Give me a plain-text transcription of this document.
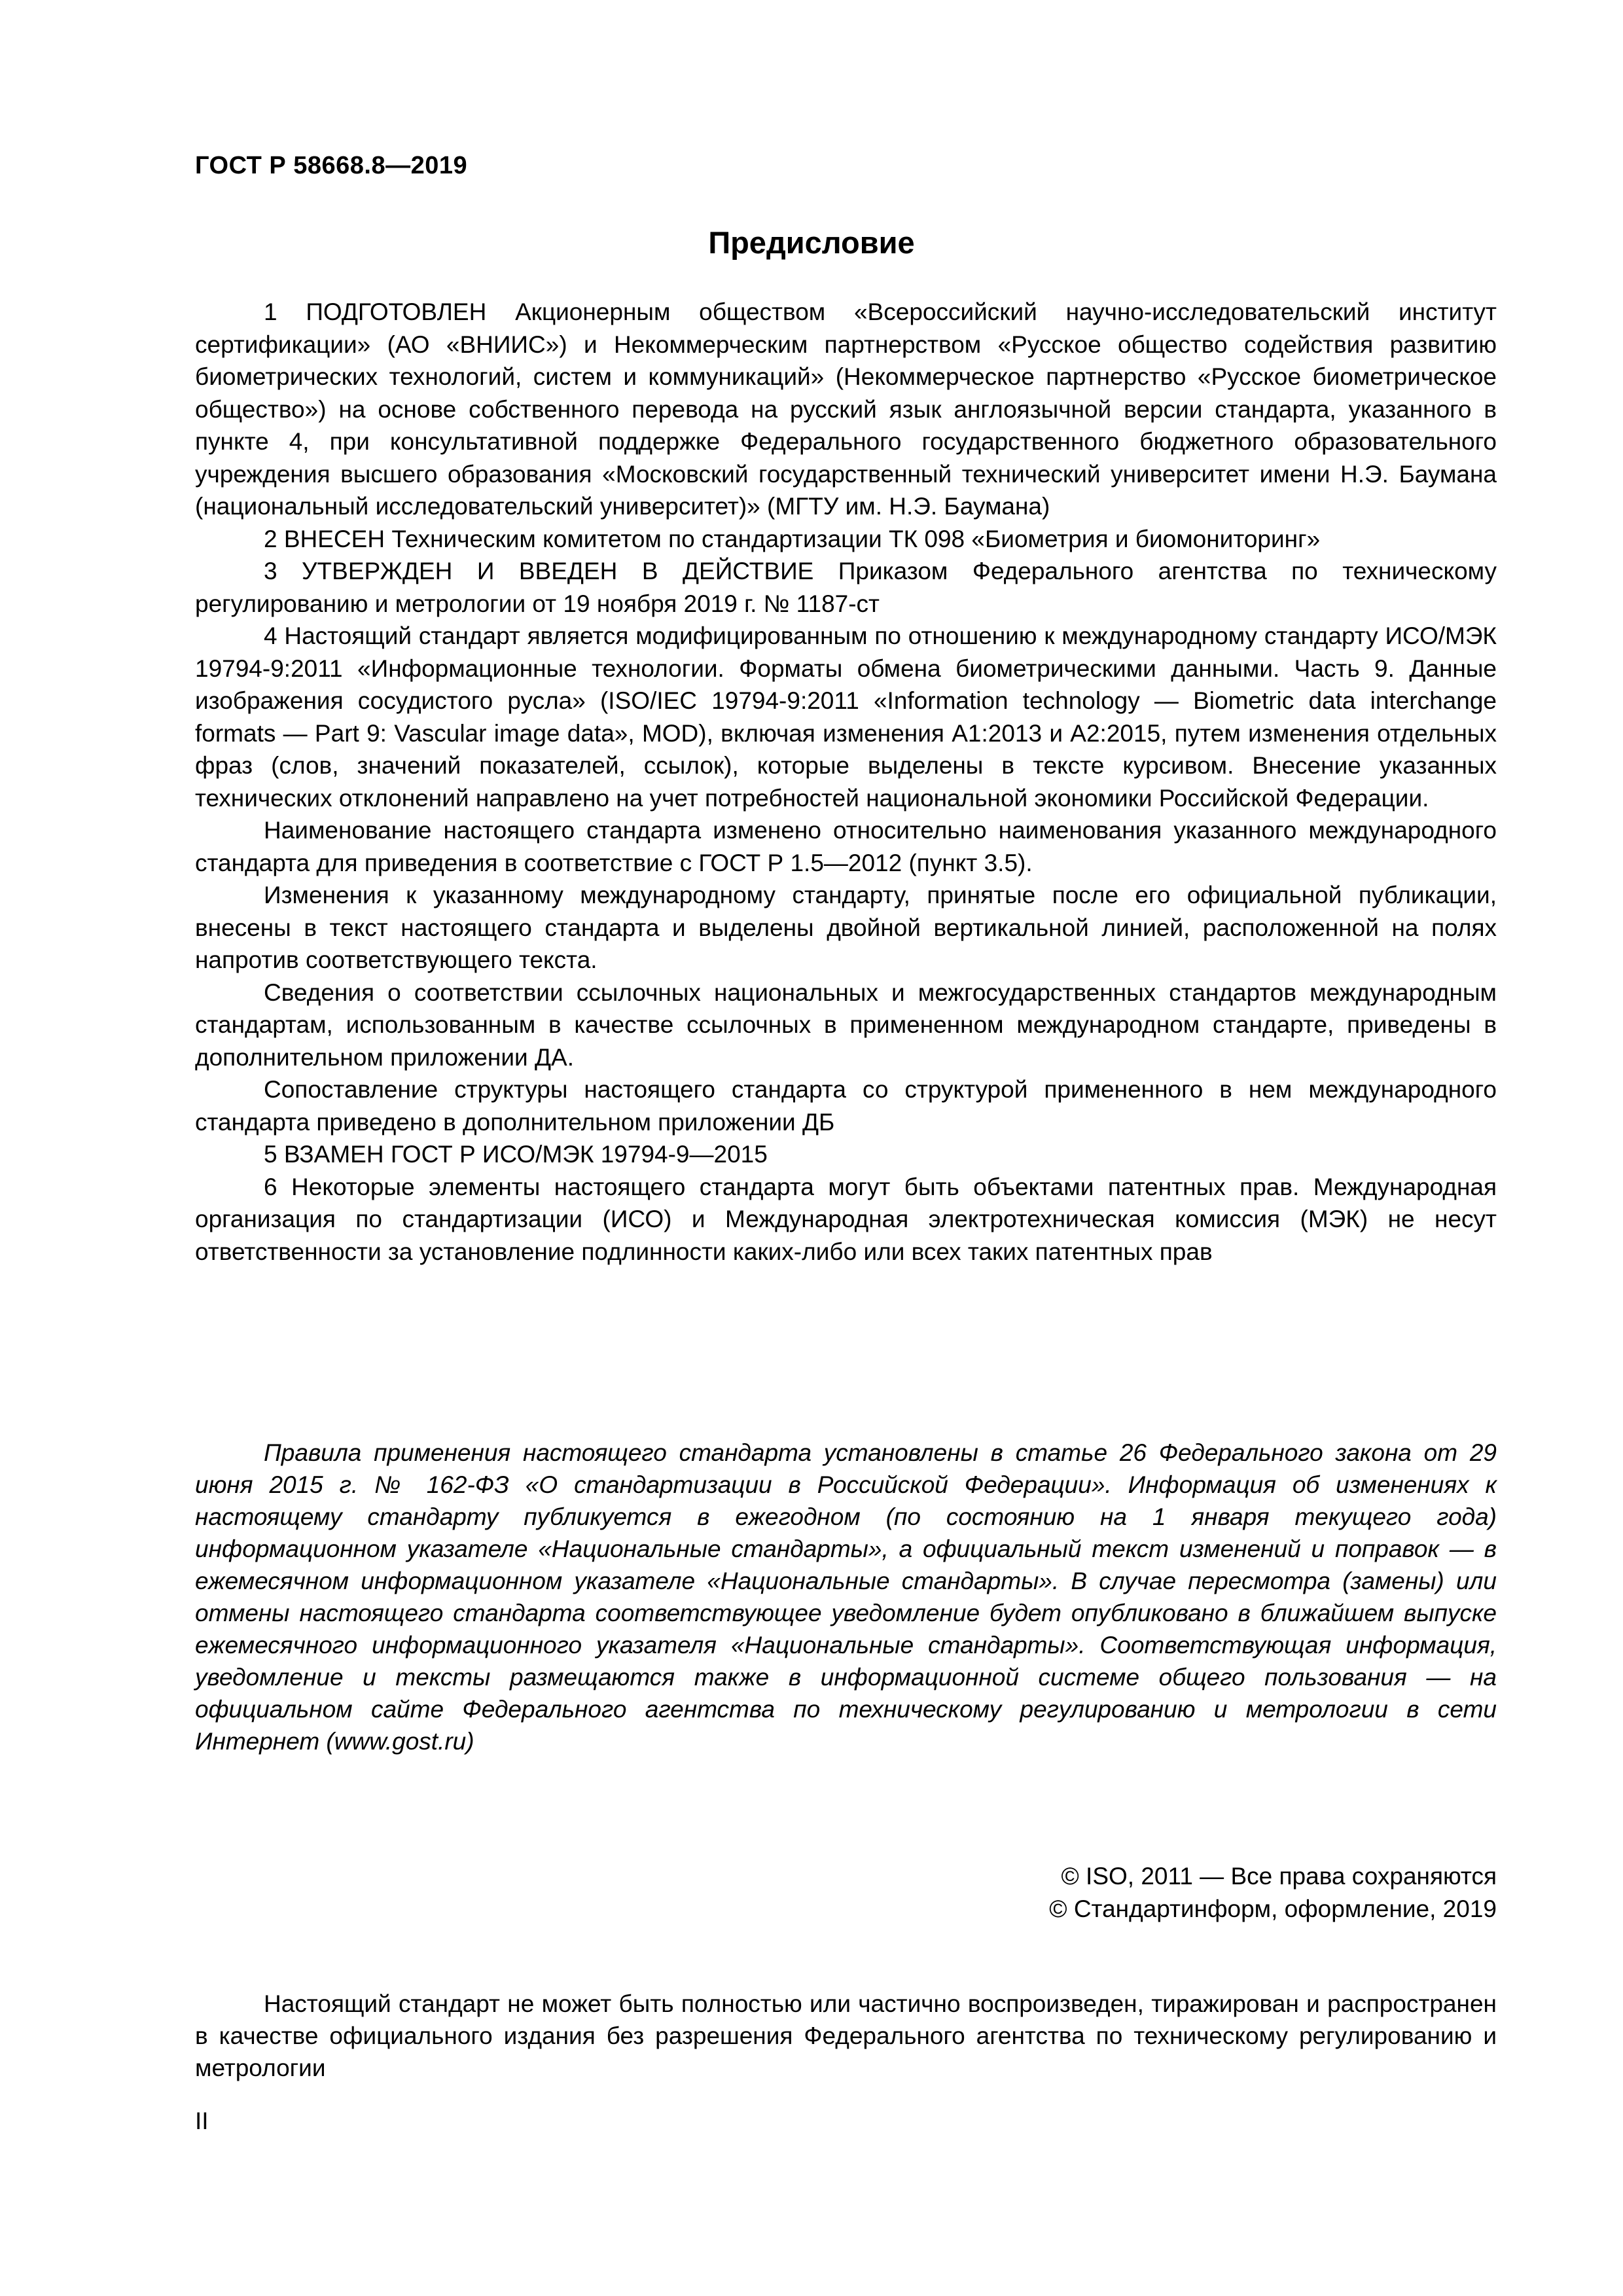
ГОСТ Р 58668.8—2019
Предисловие

1 ПОДГОТОВЛЕН Акционерным обществом «Всероссийский научно-исследовательский институт сертификации» (АО «ВНИИС») и Некоммерческим партнерством «Русское общество содействия развитию биометрических технологий, систем и коммуникаций» (Некоммерческое партнерство «Русское биометрическое общество») на основе собственного перевода на русский язык англоязычной версии стандарта, указанного в пункте 4, при консультативной поддержке Федерального государственного бюджетного образовательного учреждения высшего образования «Московский государственный технический университет имени Н.Э. Баумана (национальный исследовательский университет)» (МГТУ им. Н.Э. Баумана)

2 ВНЕСЕН Техническим комитетом по стандартизации ТК 098 «Биометрия и биомониторинг»

3 УТВЕРЖДЕН И ВВЕДЕН В ДЕЙСТВИЕ Приказом Федерального агентства по техническому регулированию и метрологии от 19 ноября 2019 г. № 1187-ст

4 Настоящий стандарт является модифицированным по отношению к международному стандарту ИСО/МЭК 19794-9:2011 «Информационные технологии. Форматы обмена биометрическими данными. Часть 9. Данные изображения сосудистого русла» (ISO/IEC 19794-9:2011 «Information technology — Biometric data interchange formats — Part 9: Vascular image data», MOD), включая изменения A1:2013 и A2:2015, путем изменения отдельных фраз (слов, значений показателей, ссылок), которые выделены в тексте курсивом. Внесение указанных технических отклонений направлено на учет потребностей национальной экономики Российской Федерации.

Наименование настоящего стандарта изменено относительно наименования указанного международного стандарта для приведения в соответствие с ГОСТ Р 1.5—2012 (пункт 3.5).

Изменения к указанному международному стандарту, принятые после его официальной публикации, внесены в текст настоящего стандарта и выделены двойной вертикальной линией, расположенной на полях напротив соответствующего текста.

Сведения о соответствии ссылочных национальных и межгосударственных стандартов международным стандартам, использованным в качестве ссылочных в примененном международном стандарте, приведены в дополнительном приложении ДА.

Сопоставление структуры настоящего стандарта со структурой примененного в нем международного стандарта приведено в дополнительном приложении ДБ

5 ВЗАМЕН ГОСТ Р ИСО/МЭК 19794-9—2015

6 Некоторые элементы настоящего стандарта могут быть объектами патентных прав. Международная организация по стандартизации (ИСО) и Международная электротехническая комиссия (МЭК) не несут ответственности за установление подлинности каких-либо или всех таких патентных прав

Правила применения настоящего стандарта установлены в статье 26 Федерального закона от 29 июня 2015 г. № 162-ФЗ «О стандартизации в Российской Федерации». Информация об изменениях к настоящему стандарту публикуется в ежегодном (по состоянию на 1 января текущего года) информационном указателе «Национальные стандарты», а официальный текст изменений и поправок — в ежемесячном информационном указателе «Национальные стандарты». В случае пересмотра (замены) или отмены настоящего стандарта соответствующее уведомление будет опубликовано в ближайшем выпуске ежемесячного информационного указателя «Национальные стандарты». Соответствующая информация, уведомление и тексты размещаются также в информационной системе общего пользования — на официальном сайте Федерального агентства по техническому регулированию и метрологии в сети Интернет (www.gost.ru)

© ISO, 2011 — Все права сохраняются
© Стандартинформ, оформление, 2019

Настоящий стандарт не может быть полностью или частично воспроизведен, тиражирован и распространен в качестве официального издания без разрешения Федерального агентства по техническому регулированию и метрологии

II
